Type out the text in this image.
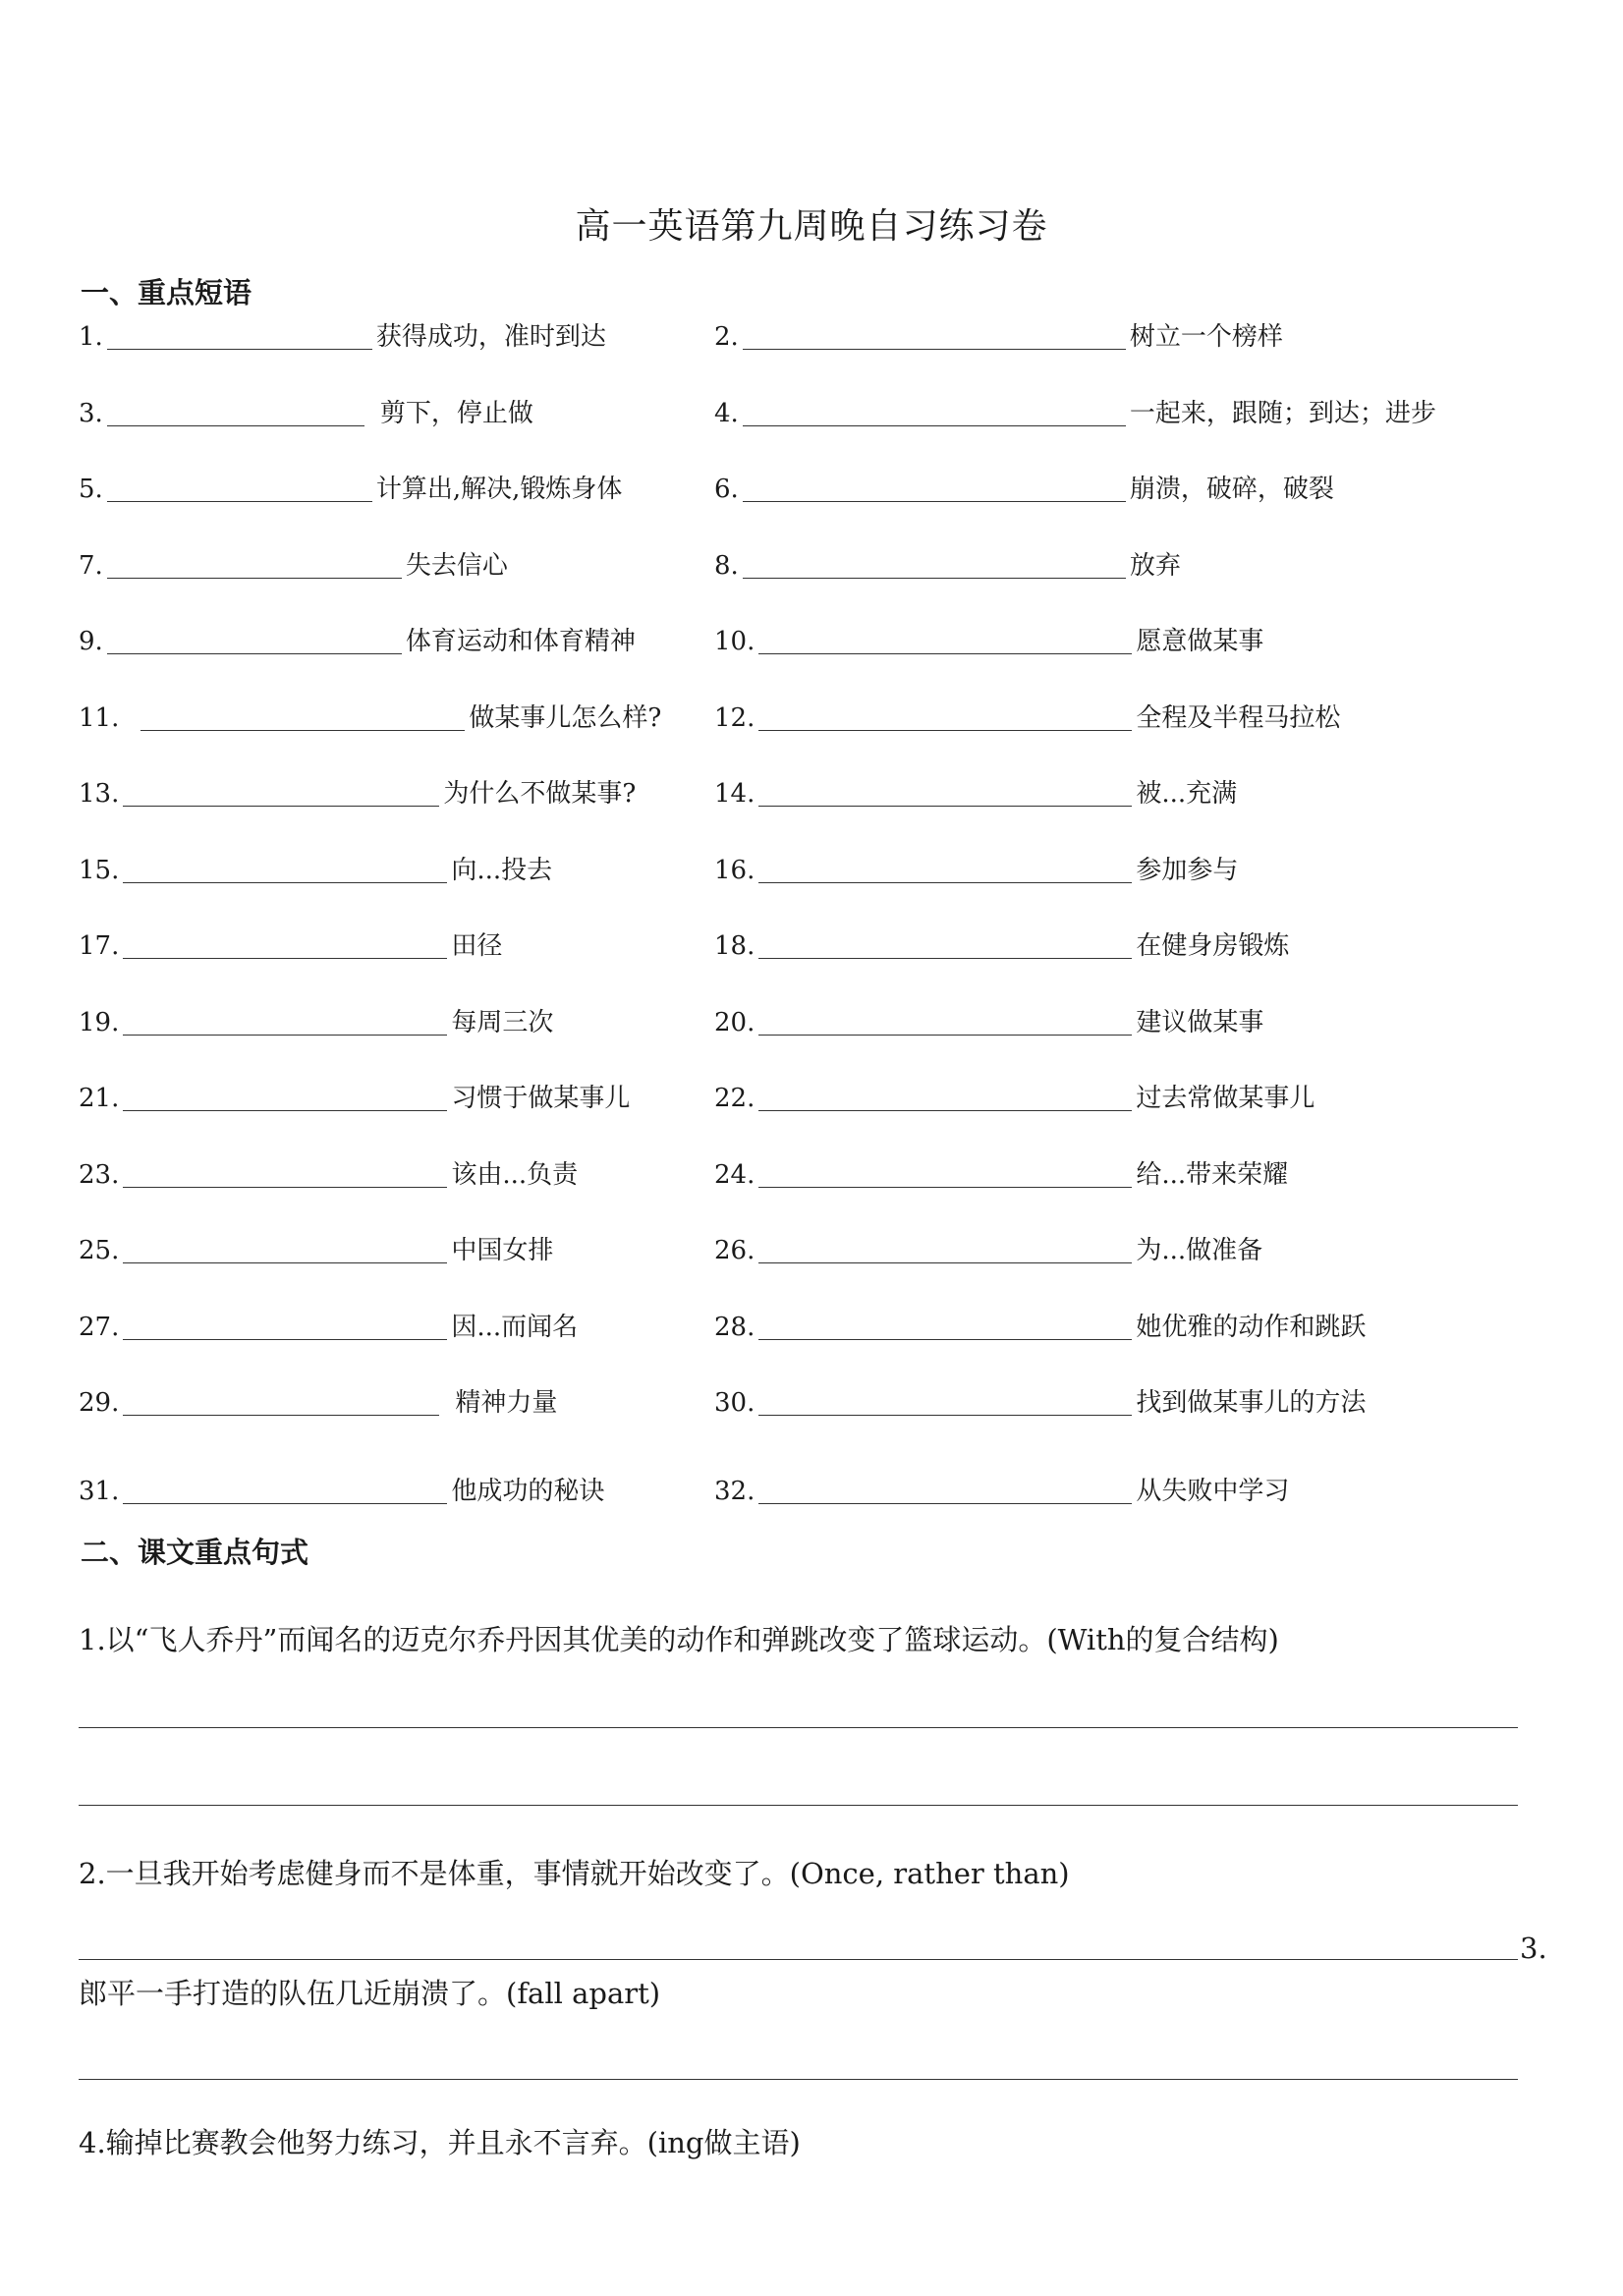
高一英语第九周晚自习练习卷
一、重点短语
1.	获得成功，准时到达	2.	树立一个榜样
3.	剪下，停止做	4.	一起来，跟随；到达；进步
5.	计算出,解决,锻炼身体	6.	崩溃，破碎，破裂
7.	失去信心	8.	放弃
9.	体育运动和体育精神	10.	愿意做某事
11.	做某事儿怎么样? 12.	全程及半程马拉松
13.	为什么不做某事?	14.	被...充满
15.	向...投去	16.	参加参与
17.	田径	18.	在健身房锻炼
19.	每周三次	20.	建议做某事
21.	习惯于做某事儿	22.	过去常做某事儿
23.	该由...负责	24.	给...带来荣耀
25.	中国女排	26.	为...做准备
27.	因...而闻名	28.	她优雅的动作和跳跃
29.	精神力量	30.	找到做某事儿的方法
31.	他成功的秘诀	32.	从失败中学习
二、课文重点句式
1.以“飞人乔丹”而闻名的迈克尔乔丹因其优美的动作和弹跳改变了篮球运动。(With的复合结构)
2.一旦我开始考虑健身而不是体重，事情就开始改变了。(Once, rather than)
3.
郎平一手打造的队伍几近崩溃了。(fall apart)
4.输掉比赛教会他努力练习，并且永不言弃。(ing做主语)
